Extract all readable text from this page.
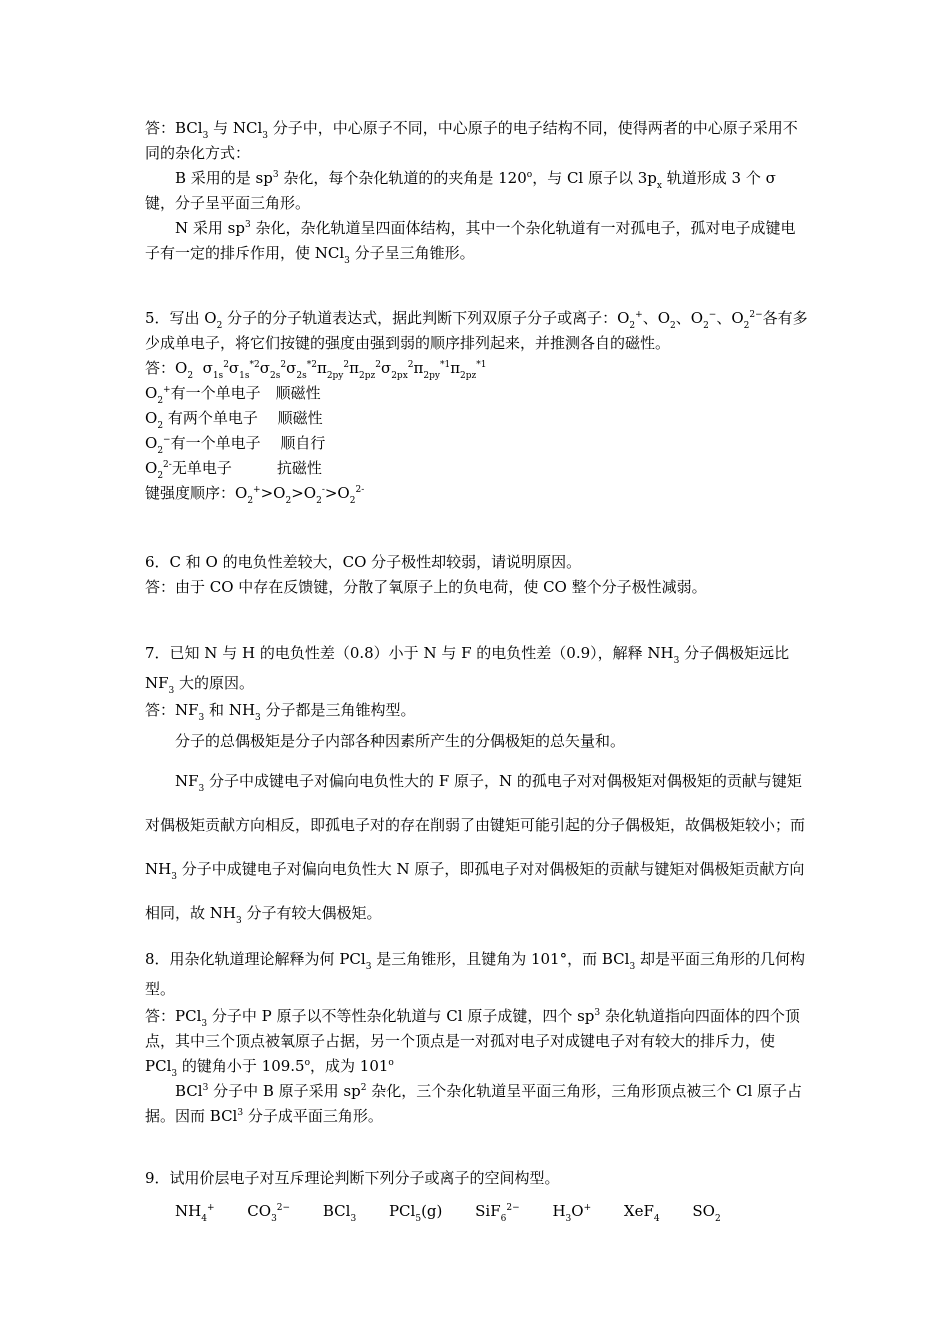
答：BCl$_3$ 与 NCl$_3$ 分子中，中心原子不同，中心原子的电子结构不同，使得两者的中心原子采用不同的杂化方式：

B 采用的是 $sp^3$ 杂化，每个杂化轨道的的夹角是 120$^o$，与 Cl 原子以 $3p_x$ 轨道形成 3 个 σ 键，分子呈平面三角形。

N 采用 $sp^3$ 杂化，杂化轨道呈四面体结构，其中一个杂化轨道有一对孤电子，孤对电子成键电子有一定的排斥作用，使 NCl$_3$ 分子呈三角锥形。

5．写出 $O_2$ 分子的分子轨道表达式，据此判断下列双原子分子或离子：$O_2^+$、$O_2$、$O_2^-$、$O_2^{2-}$各有多少成单电子，将它们按键的强度由强到弱的顺序排列起来，并推测各自的磁性。

答：$O_2$  $\sigma_{1s}^2\sigma_{1s}^{*2}\sigma_{2s}^2\sigma_{2s}^{*2}\pi_{2py}^2\pi_{2pz}^2\sigma_{2px}^2\pi_{2py}^{*1}\pi_{2pz}^{*1}$

$O_2^+$有一个单电子　顺磁性

$O_2$ 有两个单电子　 顺磁性

$O_2^-$有一个单电子　 顺自行

$O_2^{2-}$无单电子　　　抗磁性

键强度顺序：$O_2^+>O_2>O_2^->O_2^{2-}$

6．C 和 O 的电负性差较大，CO 分子极性却较弱，请说明原因。

答：由于 CO 中存在反馈键，分散了氧原子上的负电荷，使 CO 整个分子极性减弱。

7．已知 N 与 H 的电负性差（0.8）小于 N 与 F 的电负性差（0.9），解释 $NH_3$ 分子偶极矩远比 $NF_3$ 大的原因。

答：$NF_3$ 和 $NH_3$ 分子都是三角锥构型。

分子的总偶极矩是分子内部各种因素所产生的分偶极矩的总矢量和。

$NF_3$ 分子中成键电子对偏向电负性大的 F 原子，N 的孤电子对对偶极矩对偶极矩的贡献与键矩对偶极矩贡献方向相反，即孤电子对的存在削弱了由键矩可能引起的分子偶极矩，故偶极矩较小；而 $NH_3$ 分子中成键电子对偏向电负性大 N 原子，即孤电子对对偶极矩的贡献与键矩对偶极矩贡献方向相同，故 $NH_3$ 分子有较大偶极矩。

8．用杂化轨道理论解释为何 PCl$_3$ 是三角锥形，且键角为 101°，而 BCl$_3$ 却是平面三角形的几何构型。

答：PCl$_3$ 分子中 P 原子以不等性杂化轨道与 Cl 原子成键，四个 $sp^3$ 杂化轨道指向四面体的四个顶点，其中三个顶点被氧原子占据，另一个顶点是一对孤对电子对成键电子对有较大的排斥力，使 PCl$_3$ 的键角小于 109.5$^o$，成为 101$^o$

BCl$^3$ 分子中 B 原子采用 $sp^2$ 杂化，三个杂化轨道呈平面三角形，三角形顶点被三个 Cl 原子占据。因而 BCl$^3$ 分子成平面三角形。

9．试用价层电子对互斥理论判断下列分子或离子的空间构型。

$NH_4^+$ $CO_3^{2-}$ BCl$_3$ PCl$_5$(g) SiF$_6^{2-}$ $H_3O^+$ XeF$_4$ $SO_2$
